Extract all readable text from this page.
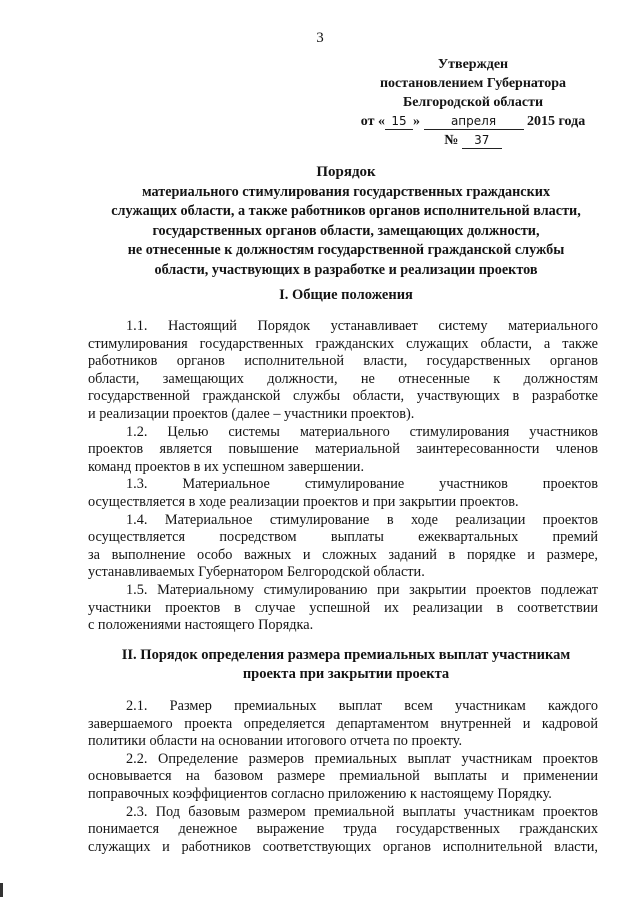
3
Утвержден
постановлением Губернатора
Белгородской области
от « 15 »	апреля 2015 года
№ 37
Порядок
материального стимулирования государственных гражданских
служащих области, а также работников органов исполнительной власти,
государственных органов области, замещающих должности,
не отнесенные к должностям государственной гражданской службы
области, участвующих в разработке и реализации проектов
I. Общие положения
1.1. Настоящий Порядок устанавливает систему материального
стимулирования государственных гражданских служащих области, а также
работников органов исполнительной власти, государственных органов
области, замещающих должности, не отнесенные к должностям
государственной гражданской службы области, участвующих в разработке
и реализации проектов (далее – участники проектов).
1.2. Целью системы материального стимулирования участников
проектов является повышение материальной заинтересованности членов
команд проектов в их успешном завершении.
1.3. Материальное стимулирование участников проектов
осуществляется в ходе реализации проектов и при закрытии проектов.
1.4. Материальное стимулирование в ходе реализации проектов
осуществляется посредством выплаты ежеквартальных премий
за выполнение особо важных и сложных заданий в порядке и размере,
устанавливаемых Губернатором Белгородской области.
1.5. Материальному стимулированию при закрытии проектов подлежат
участники проектов в случае успешной их реализации в соответствии
с положениями настоящего Порядка.
II. Порядок определения размера премиальных выплат участникам
проекта при закрытии проекта
2.1. Размер премиальных выплат всем участникам каждого
завершаемого проекта определяется департаментом внутренней и кадровой
политики области на основании итогового отчета по проекту.
2.2. Определение размеров премиальных выплат участникам проектов
основывается на базовом размере премиальной выплаты и применении
поправочных коэффициентов согласно приложению к настоящему Порядку.
2.3. Под базовым размером премиальной выплаты участникам проектов
понимается денежное выражение труда государственных гражданских
служащих и работников соответствующих органов исполнительной власти,
